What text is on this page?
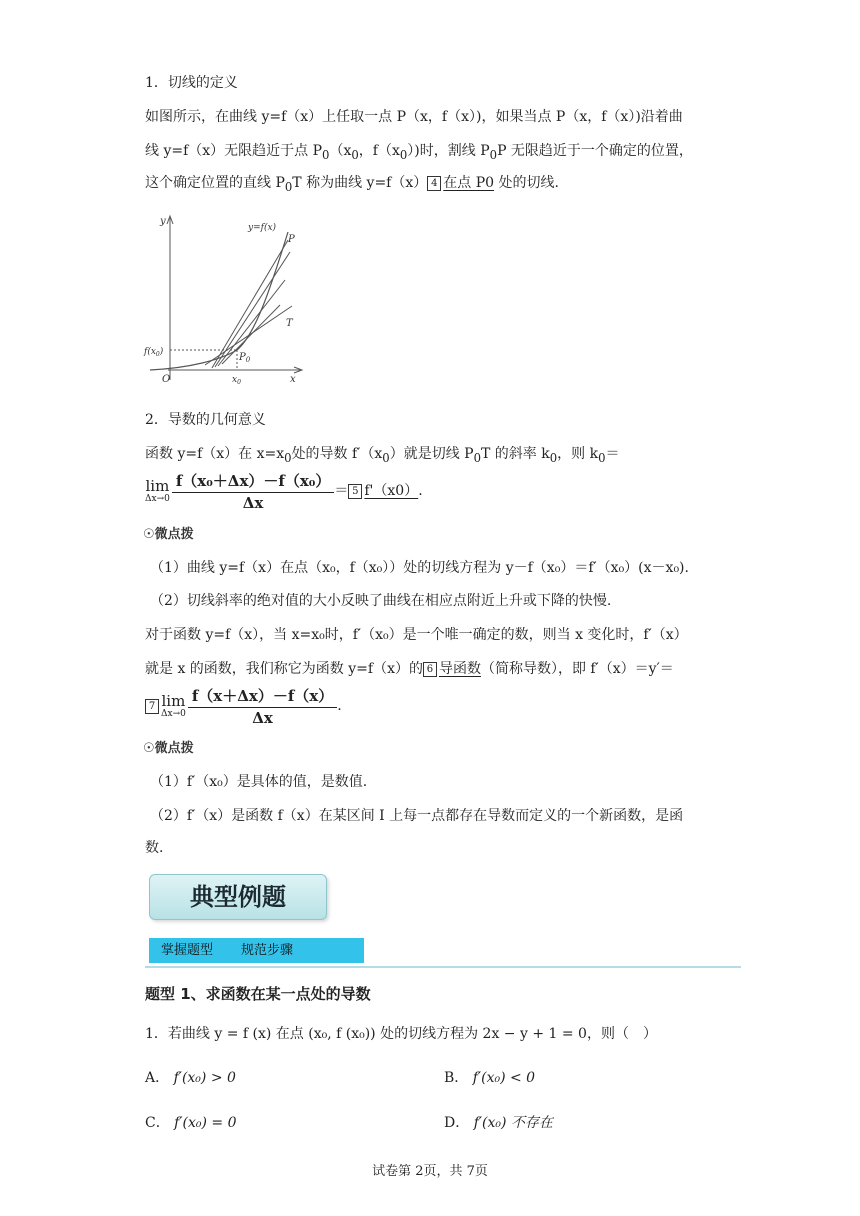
1．切线的定义
如图所示，在曲线 y=f（x）上任取一点 P（x，f（x）)，如果当点 P（x，f（x）)沿着曲
线 y=f（x）无限趋近于点 $P_0(x_0$，$f(x_0)$)时，割线 $P_0P$ 无限趋近于一个确定的位置，
这个确定位置的直线 $P_0T$ 称为曲线 y=f（x） 4 在点 P0 处的切线.
y
x
O
y=f(x)
P
T
$P_0$
$f(x_0)$
$x_0$
2．导数的几何意义
函数 y=f（x）在 $x=x_0$处的导数 $f'(x_0)$就是切线 $P_0T$ 的斜率 $k_0$，则 $k_0=$
lim
$\Delta x\to 0 \frac{\text{f（x₀＋Δx）－f（x₀）}}{\Delta x} = 5$ f'（x0）.
☉微点拨
（1）曲线 y=f（x）在点（x₀，f（x₀））处的切线方程为 y－f（x₀）＝f′（x₀）(x－x₀).
（2）切线斜率的绝对值的大小反映了曲线在相应点附近上升或下降的快慢.
对于函数 y=f（x），当 x=x₀时，f′（x₀）是一个唯一确定的数，则当 x 变化时，f′（x）
就是 x 的函数，我们称它为函数 y=f（x）的 6 导函数（简称导数），即 f′（x）＝y′＝
7 lim
$\Delta x\to 0 \frac{f(x+\Delta x)-f(x)}{\Delta x}$ .
☉微点拨
（1）f′（x₀）是具体的值，是数值.
（2）f′（x）是函数 f（x）在某区间 I 上每一点都存在导数而定义的一个新函数，是函
数.
典型例题
掌握题型 规范步骤
题型 1、求函数在某一点处的导数
1．若曲线 y = f (x) 在点 (x₀, f (x₀)) 处的切线方程为 2x − y + 1 = 0，则（　）
A． f′(x₀) > 0	B． f′(x₀) < 0
C． f′(x₀) = 0	D． f′(x₀) 不存在
试卷第 2页，共 7页
